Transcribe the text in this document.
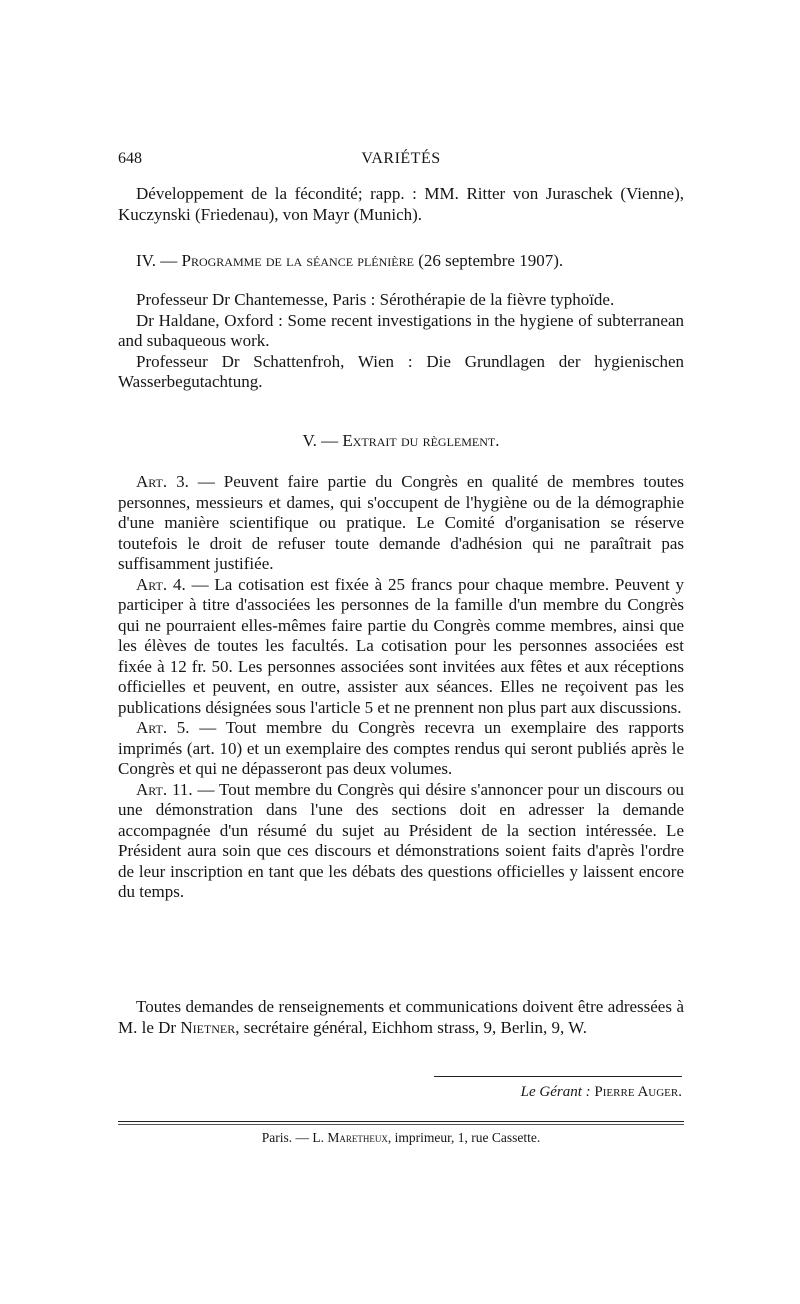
648	VARIÉTÉS

Développement de la fécondité; rapp. : MM. Ritter von Juraschek (Vienne), Kuczynski (Friedenau), von Mayr (Munich).

IV. — Programme de la séance plénière (26 septembre 1907).

Professeur Dr Chantemesse, Paris : Sérothérapie de la fièvre typhoïde.

Dr Haldane, Oxford : Some recent investigations in the hygiene of subterranean and subaqueous work.

Professeur Dr Schattenfroh, Wien : Die Grundlagen der hygienischen Wasserbegutachtung.

V. — Extrait du règlement.

Art. 3. — Peuvent faire partie du Congrès en qualité de membres toutes personnes, messieurs et dames, qui s'occupent de l'hygiène ou de la démographie d'une manière scientifique ou pratique. Le Comité d'organisation se réserve toutefois le droit de refuser toute demande d'adhésion qui ne paraîtrait pas suffisamment justifiée.

Art. 4. — La cotisation est fixée à 25 francs pour chaque membre. Peuvent y participer à titre d'associées les personnes de la famille d'un membre du Congrès qui ne pourraient elles-mêmes faire partie du Congrès comme membres, ainsi que les élèves de toutes les facultés. La cotisation pour les personnes associées est fixée à 12 fr. 50. Les personnes associées sont invitées aux fêtes et aux réceptions officielles et peuvent, en outre, assister aux séances. Elles ne reçoivent pas les publications désignées sous l'article 5 et ne prennent non plus part aux discussions.

Art. 5. — Tout membre du Congrès recevra un exemplaire des rapports imprimés (art. 10) et un exemplaire des comptes rendus qui seront publiés après le Congrès et qui ne dépasseront pas deux volumes.

Art. 11. — Tout membre du Congrès qui désire s'annoncer pour un discours ou une démonstration dans l'une des sections doit en adresser la demande accompagnée d'un résumé du sujet au Président de la section intéressée. Le Président aura soin que ces discours et démonstrations soient faits d'après l'ordre de leur inscription en tant que les débats des questions officielles y laissent encore du temps.

Toutes demandes de renseignements et communications doivent être adressées à M. le Dr Nietner, secrétaire général, Eichhom strass, 9, Berlin, 9, W.

Le Gérant : Pierre Auger.
Paris. — L. Maretheux, imprimeur, 1, rue Cassette.
